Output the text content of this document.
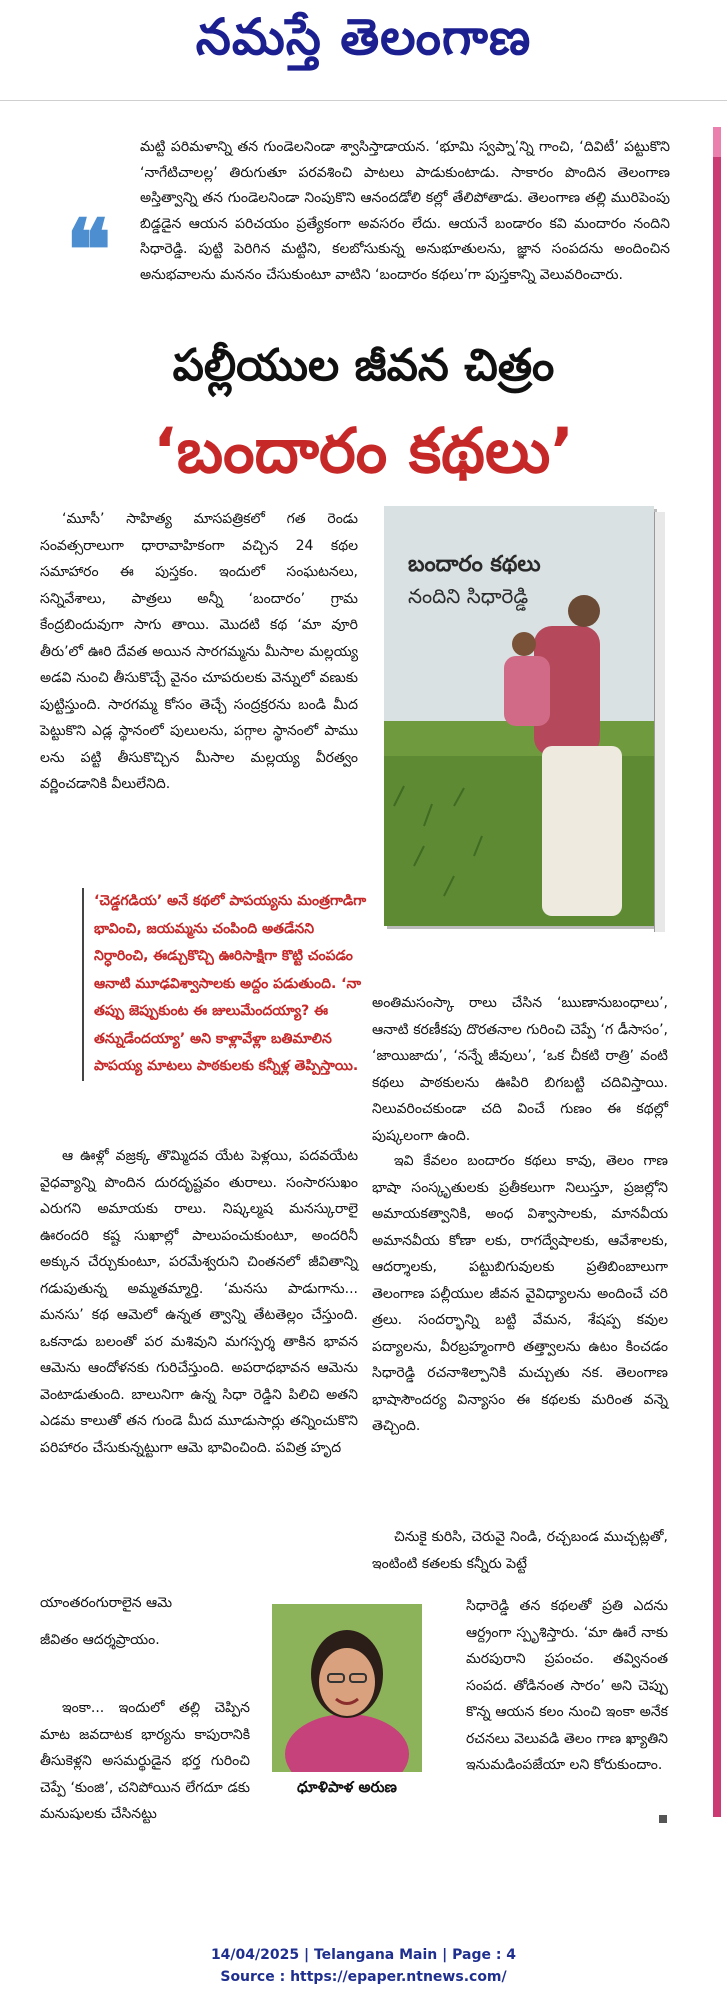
నమస్తే తెలంగాణ
❝

మట్టి పరిమళాన్ని తన గుండెలనిండా శ్వాసిస్తాడాయన. ‘భూమి స్వప్నా’న్ని గాంచి, ‘దివిటీ’ పట్టుకొని ‘నాగేటిచాలల్ల’ తిరుగుతూ పరవశించి పాటలు పాడుకుంటాడు. సాకారం పొందిన తెలంగాణ అస్తిత్వాన్ని తన గుండెలనిండా నింపుకొని ఆనందడోలి కల్లో తేలిపోతాడు. తెలంగాణ తల్లి మురిపెంపు బిడ్డడైన ఆయన పరిచయం ప్రత్యేకంగా అవసరం లేదు. ఆయనే బండారం కవి మందారం నందిని సిధారెడ్డి. పుట్టి పెరిగిన మట్టిని, కలబోసుకున్న అనుభూతులను, జ్ఞాన సంపదను అందించిన అనుభవాలను మననం చేసుకుంటూ వాటిని ‘బందారం కథలు’గా పుస్తకాన్ని వెలువరించారు.

పల్లీయుల జీవన చిత్రం
‘బందారం కథలు’

‘మూసీ’ సాహిత్య మాసపత్రికలో గత రెండు సంవత్సరాలుగా ధారావాహికంగా వచ్చిన 24 కథల సమాహారం ఈ పుస్తకం. ఇందులో సంఘటనలు, సన్నివేశాలు, పాత్రలు అన్నీ ‘బందారం’ గ్రామ కేంద్రబిందువుగా సాగు తాయి. మొదటి కథ ‘మా వూరి తీరు’లో ఊరి దేవత అయిన సారగమ్మను మీసాల మల్లయ్య అడవి నుంచి తీసుకొచ్చే వైనం చూపరులకు వెన్నులో వణుకు పుట్టిస్తుంది. సారగమ్మ కోసం తెచ్చే సంద్రక్రరను బండి మీద పెట్టుకొని ఎడ్ల స్థానంలో పులులను, పగ్గాల స్థానంలో పాము లను పట్టి తీసుకొచ్చిన మీసాల మల్లయ్య వీరత్వం వర్ణించడానికి వీలులేనిది.

బందారం కథలు
నందిని సిధారెడ్డి

‘చెడ్డగడియ’ అనే కథలో పాపయ్యను మంత్రగాడిగా భావించి, జయమ్మను చంపింది అతడేనని నిర్ధారించి, ఈడ్చుకొచ్చి ఊరిసాక్షిగా కొట్టి చంపడం ఆనాటి మూఢవిశ్వాసాలకు అద్దం పడుతుంది. ‘నా తప్పు జెప్పుకుంట ఈ జులుమేందయ్యా? ఈ తన్నుడేందయ్యా’ అని కాళ్లావేళ్లా బతిమాలిన పాపయ్య మాటలు పాఠకులకు కన్నీళ్ల తెప్పిస్తాయి.

అంతిమసంస్కా రాలు చేసిన ‘ఋణానుబంధాలు’, ఆనాటి కరణీకపు దొరతనాల గురించి చెప్పే ‘గ డీసాసం’, ‘జాయిజాదు’, ‘నన్నే జీవులు’, ‘ఒక చీకటి రాత్రి’ వంటి కథలు పాఠకులను ఊపిరి బిగబట్టి చదివిస్తాయి. నిలువరించకుండా చది వించే గుణం ఈ కథల్లో పుష్కలంగా ఉంది.

ఆ ఊళ్లో వజ్రక్క తొమ్మిదవ యేట పెళ్లయి, పదవయేట వైధవ్యాన్ని పొందిన దురదృష్టవం తురాలు. సంసారసుఖం ఎరుగని అమాయకు రాలు. నిష్కల్మష మనస్కురాలై ఊరందరి కష్ట సుఖాల్లో పాలుపంచుకుంటూ, అందరినీ అక్కున చేర్చుకుంటూ, పరమేశ్వరుని చింతనలో జీవితాన్ని గడుపుతున్న అమ్మతమ్మార్తి. ‘మనసు పాడుగాను... మనసు’ కథ ఆమెలో ఉన్నత త్వాన్ని తేటతెల్లం చేస్తుంది. ఒకనాడు బలంతో పర మశివుని మగస్పర్శ తాకిన భావన ఆమెను ఆందోళనకు గురిచేస్తుంది. అపరాధభావన ఆమెను వెంటాడుతుంది. బాలునిగా ఉన్న సిధా రెడ్డిని పిలిచి అతని ఎడమ కాలుతో తన గుండె మీద మూడుసార్లు తన్నించుకొని పరిహారం చేసుకున్నట్టుగా ఆమె భావించింది. పవిత్ర హృద

యాంతరంగురాలైన ఆమె

జీవితం ఆదర్శప్రాయం.

ఇంకా... ఇందులో తల్లి చెప్పిన మాట జవదాటక భార్యను కాపురానికి తీసుకెళ్లని అసమర్థుడైన భర్త గురించి చెప్పే ‘కుంజి’, చనిపోయిన లేగదూ డకు మనుషులకు చేసినట్టు

ఇవి కేవలం బందారం కథలు కావు, తెలం గాణ భాషా సంస్కృతులకు ప్రతీకలుగా నిలుస్తూ, ప్రజల్లోని అమాయకత్వానికి, అంధ విశ్వాసాలకు, మానవీయ అమానవీయ కోణా లకు, రాగద్వేషాలకు, ఆవేశాలకు, ఆదర్శాలకు, పట్టుబిగువులకు ప్రతిబింబాలుగా తెలంగాణ పల్లీయుల జీవన వైవిధ్యాలను అందించే చరి త్రలు. సందర్భాన్ని బట్టి వేమన, శేషప్ప కవుల పద్యాలను, వీరబ్రహ్మంగారి తత్త్వాలను ఉటం కించడం సిధారెడ్డి రచనాశిల్పానికి మచ్చుతు నక. తెలంగాణ భాషాసౌందర్య విన్యాసం ఈ కథలకు మరింత వన్నె తెచ్చింది.

చినుకై కురిసి, చెరువై నిండి, రచ్చబండ ముచ్చట్లతో, ఇంటింటి కతలకు కన్నీరు పెట్టే

సిధారెడ్డి తన కథలతో ప్రతి ఎదను ఆర్ద్రంగా స్పృశిస్తారు. ‘మా ఊరే నాకు మరపురాని ప్రపంచం. తవ్వినంత సంపద. తోడినంత సారం’ అని చెప్పు కొన్న ఆయన కలం నుంచి ఇంకా అనేక రచనలు వెలువడి తెలం గాణ ఖ్యాతిని ఇనుమడింపజేయా లని కోరుకుందాం.

ధూళిపాళ అరుణ

14/04/2025 | Telangana Main | Page : 4
Source : https://epaper.ntnews.com/
